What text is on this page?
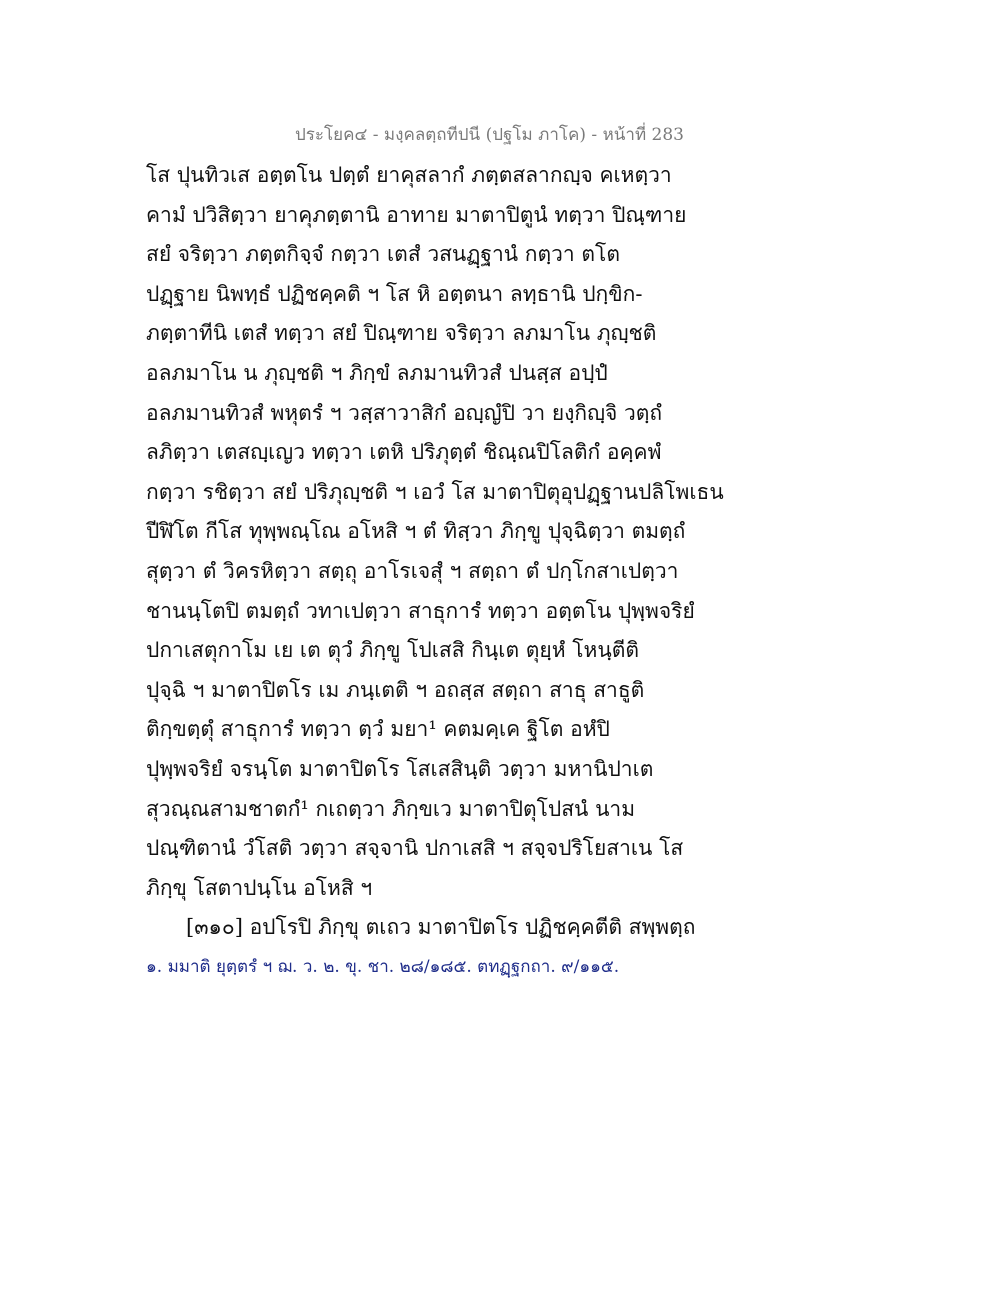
ประโยค๔ - มงฺคลตฺถทีปนี (ปฐโม ภาโค) - หน้าที่ 283
โส ปุนทิวเส อตฺตโน ปตฺตํ ยาคุสลากํ ภตฺตสลากญฺจ คเหตฺวา
คามํ ปวิสิตฺวา ยาคุภตฺตานิ อาทาย มาตาปิตูนํ ทตฺวา ปิณฺฑาย
สยํ จริตฺวา ภตฺตกิจฺจํ กตฺวา เตสํ วสนฏฺฐานํ กตฺวา ตโต
ปฏฺฐาย นิพทฺธํ ปฏิชคฺคติ ฯ โส หิ อตฺตนา ลทฺธานิ ปกฺขิก-
ภตฺตาทีนิ เตสํ ทตฺวา สยํ ปิณฺฑาย จริตฺวา ลภมาโน ภุญฺชติ
อลภมาโน น ภุญฺชติ ฯ ภิกฺขํ ลภมานทิวสํ ปนสฺส อปฺปํ
อลภมานทิวสํ พหุตรํ ฯ วสฺสาวาสิกํ อญฺญํปิ วา ยงฺกิญฺจิ วตฺถํ
ลภิตฺวา เตสญฺเญว ทตฺวา เตหิ ปริภุตฺตํ ชิณฺณปิโลติกํ อคฺคพํ
กตฺวา รชิตฺวา สยํ ปริภุญฺชติ ฯ เอวํ โส มาตาปิตุอุปฏฺฐานปลิโพเธน
ปีฬิโต กีโส ทุพฺพณฺโณ อโหสิ ฯ ตํ ทิสฺวา ภิกฺขู ปุจฺฉิตฺวา ตมตฺถํ
สุตฺวา ตํ วิครหิตฺวา สตฺถุ อาโรเจสุํ ฯ สตฺถา ตํ ปกฺโกสาเปตฺวา
ชานนฺโตปิ ตมตฺถํ วทาเปตฺวา สาธุการํ ทตฺวา อตฺตโน ปุพฺพจริยํ
ปกาเสตุกาโม เย เต ตุวํ ภิกฺขู โปเสสิ กินฺเต ตุยฺหํ โหนฺตีติ
ปุจฺฉิ ฯ มาตาปิตโร เม ภนฺเตติ ฯ อถสฺส สตฺถา สาธุ สาธูติ
ติกฺขตฺตุํ สาธุการํ ทตฺวา ตฺวํ มยา¹ คตมคฺเค ฐิโต อหํปิ
ปุพฺพจริยํ จรนฺโต มาตาปิตโร โสเสสินฺติ วตฺวา มหานิปาเต
สุวณฺณสามชาตกํ¹ กเถตฺวา ภิกฺขเว มาตาปิตุโปสนํ นาม
ปณฺฑิตานํ วํโสติ วตฺวา สจฺจานิ ปกาเสสิ ฯ สจฺจปริโยสาเน โส
ภิกฺขุ โสตาปนฺโน อโหสิ ฯ
[๓๑๐] อปโรปิ ภิกฺขุ ตเถว มาตาปิตโร ปฏิชคฺคตีติ สพฺพตฺถ
๑. มมาติ ยุตฺตรํ ฯ ฌ. ว. ๒. ขุ. ชา. ๒๘/๑๘๕. ตทฏฺฐกถา. ๙/๑๑๕.
